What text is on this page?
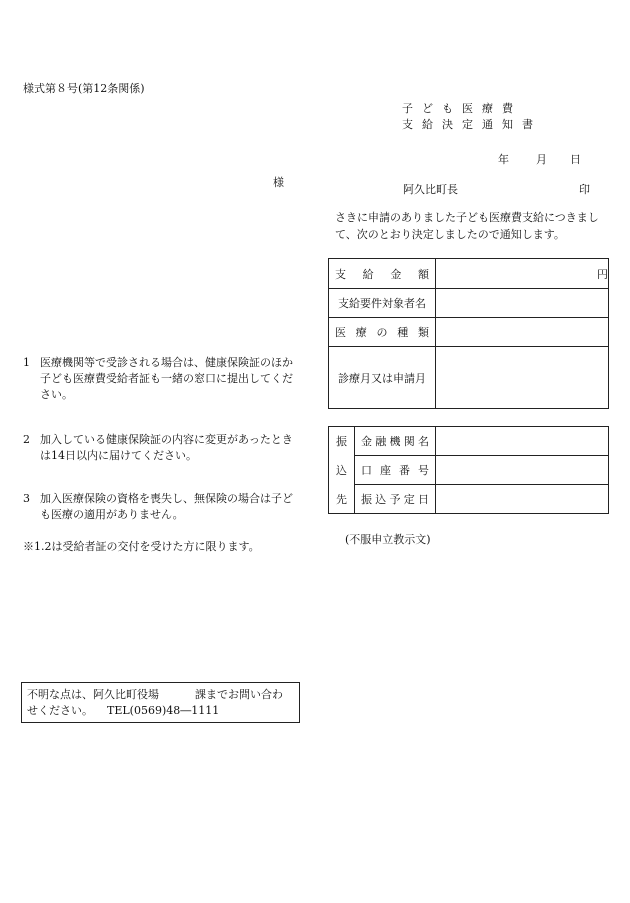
様式第８号(第12条関係)
子ども医療費
支給決定通知書
年 月 日
様
阿久比町長	印
さきに申請のありました子ども医療費支給につきまして、次のとおり決定しましたので通知します。
支 給 金 額	円
支給要件対象者名	

医 療 の 種 類	

診療月又は申請月	
振	金 融 機 関 名	

込	口 座 番 号	

先	振 込 予 定 日	

(不服申立教示文)
1 医療機関等で受診される場合は、健康保険証のほか子ども医療費受給者証も一緒の窓口に提出してください。
2 加入している健康保険証の内容に変更があったときは14日以内に届けてください。
3 加入医療保険の資格を喪失し、無保険の場合は子ども医療の適用がありません。
※1.2は受給者証の交付を受けた方に限ります。
不明な点は、阿久比町役場	課までお問い合わ
せください。 TEL(0569)48―1111
